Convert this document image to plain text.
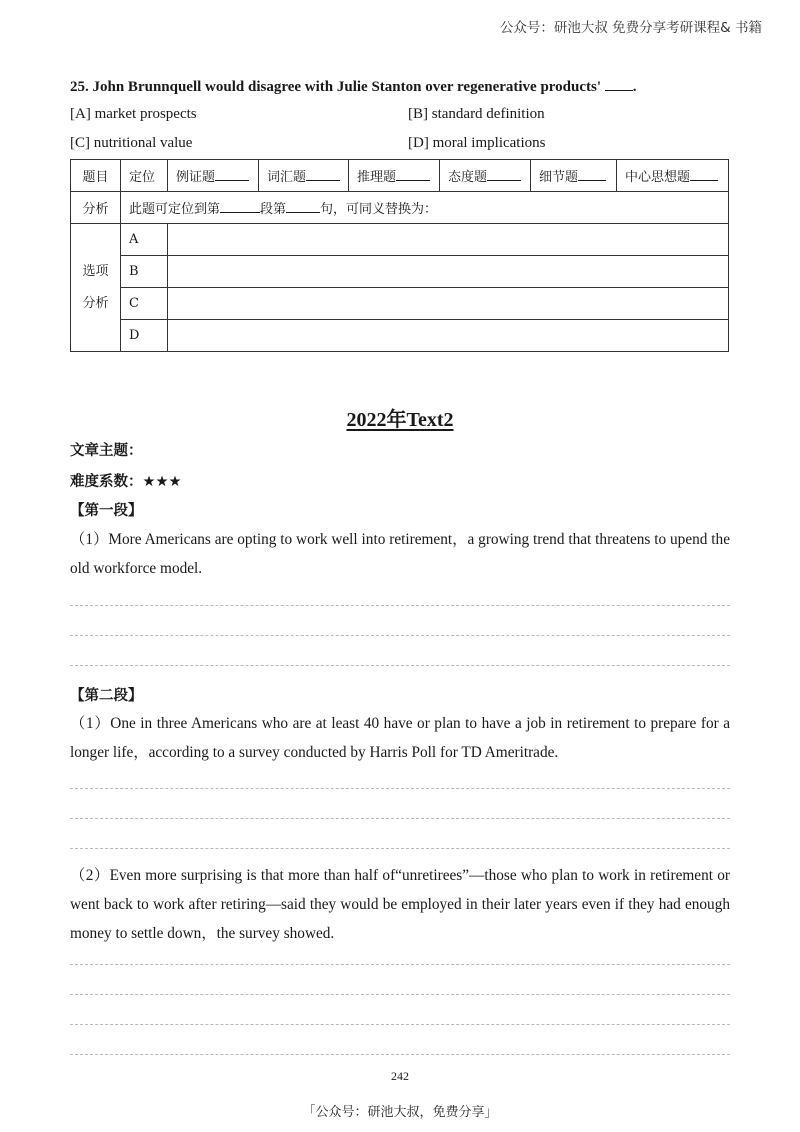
公众号：研池大叔 免费分享考研课程& 书籍
25. John Brunnquell would disagree with Julie Stanton over regenerative products' .
[A] market prospects	[B] standard definition
[C] nutritional value	[D] moral implications
题目	定位	例证题	词汇题	推理题	态度题	细节题	中心思想题
分析	此题可定位到第 段第 句，可同义替换为：						

选项
分析	A						
	B						
	C						
	D						
2022年Text2
文章主题：
难度系数：★★★
【第一段】
（1）More Americans are opting to work well into retirement，a growing trend that threatens to upend the old workforce model.
【第二段】
（1）One in three Americans who are at least 40 have or plan to have a job in retirement to prepare for a longer life，according to a survey conducted by Harris Poll for TD Ameritrade.
（2）Even more surprising is that more than half of“unretirees”—those who plan to work in retirement or went back to work after retiring—said they would be employed in their later years even if they had enough money to settle down，the survey showed.
242
「公众号：研池大叔，免费分享」
